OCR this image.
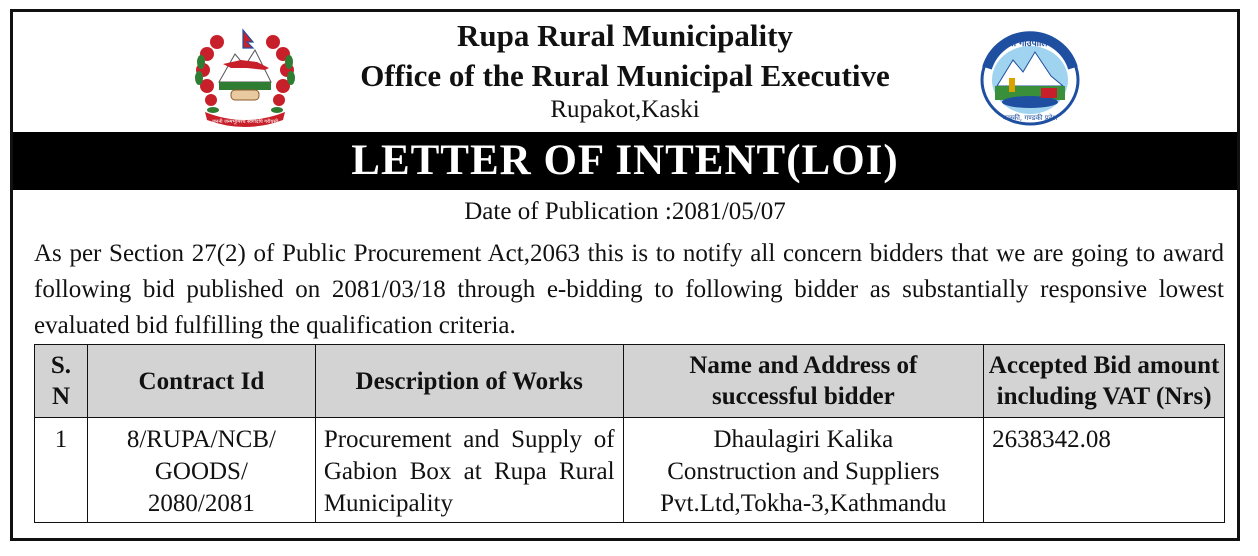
जननी जन्मभूमिश्च स्वर्गादपि गरीयसी
Rupa Rural Municipality
Office of the Rural Municipal Executive
Rupakot,Kaski
रुपा गाउँपालिका
कास्की, गण्डकी प्रदेश
LETTER OF INTENT(LOI)
Date of Publication :2081/05/07
As per Section 27(2) of Public Procurement Act,2063 this is to notify all concern bidders that we are going to award following bid published on 2081/03/18 through e-bidding to following bidder as substantially responsive lowest evaluated bid fulfilling the qualification criteria.
S.
N	Contract Id	Description of Works	Name and Address of
successful bidder	Accepted Bid amount
including VAT (Nrs)
1	8/RUPA/NCB/
GOODS/
2080/2081	Procurement and Supply of Gabion Box at Rupa Rural Municipality	Dhaulagiri Kalika
Construction and Suppliers
Pvt.Ltd,Tokha-3,Kathmandu	2638342.08
